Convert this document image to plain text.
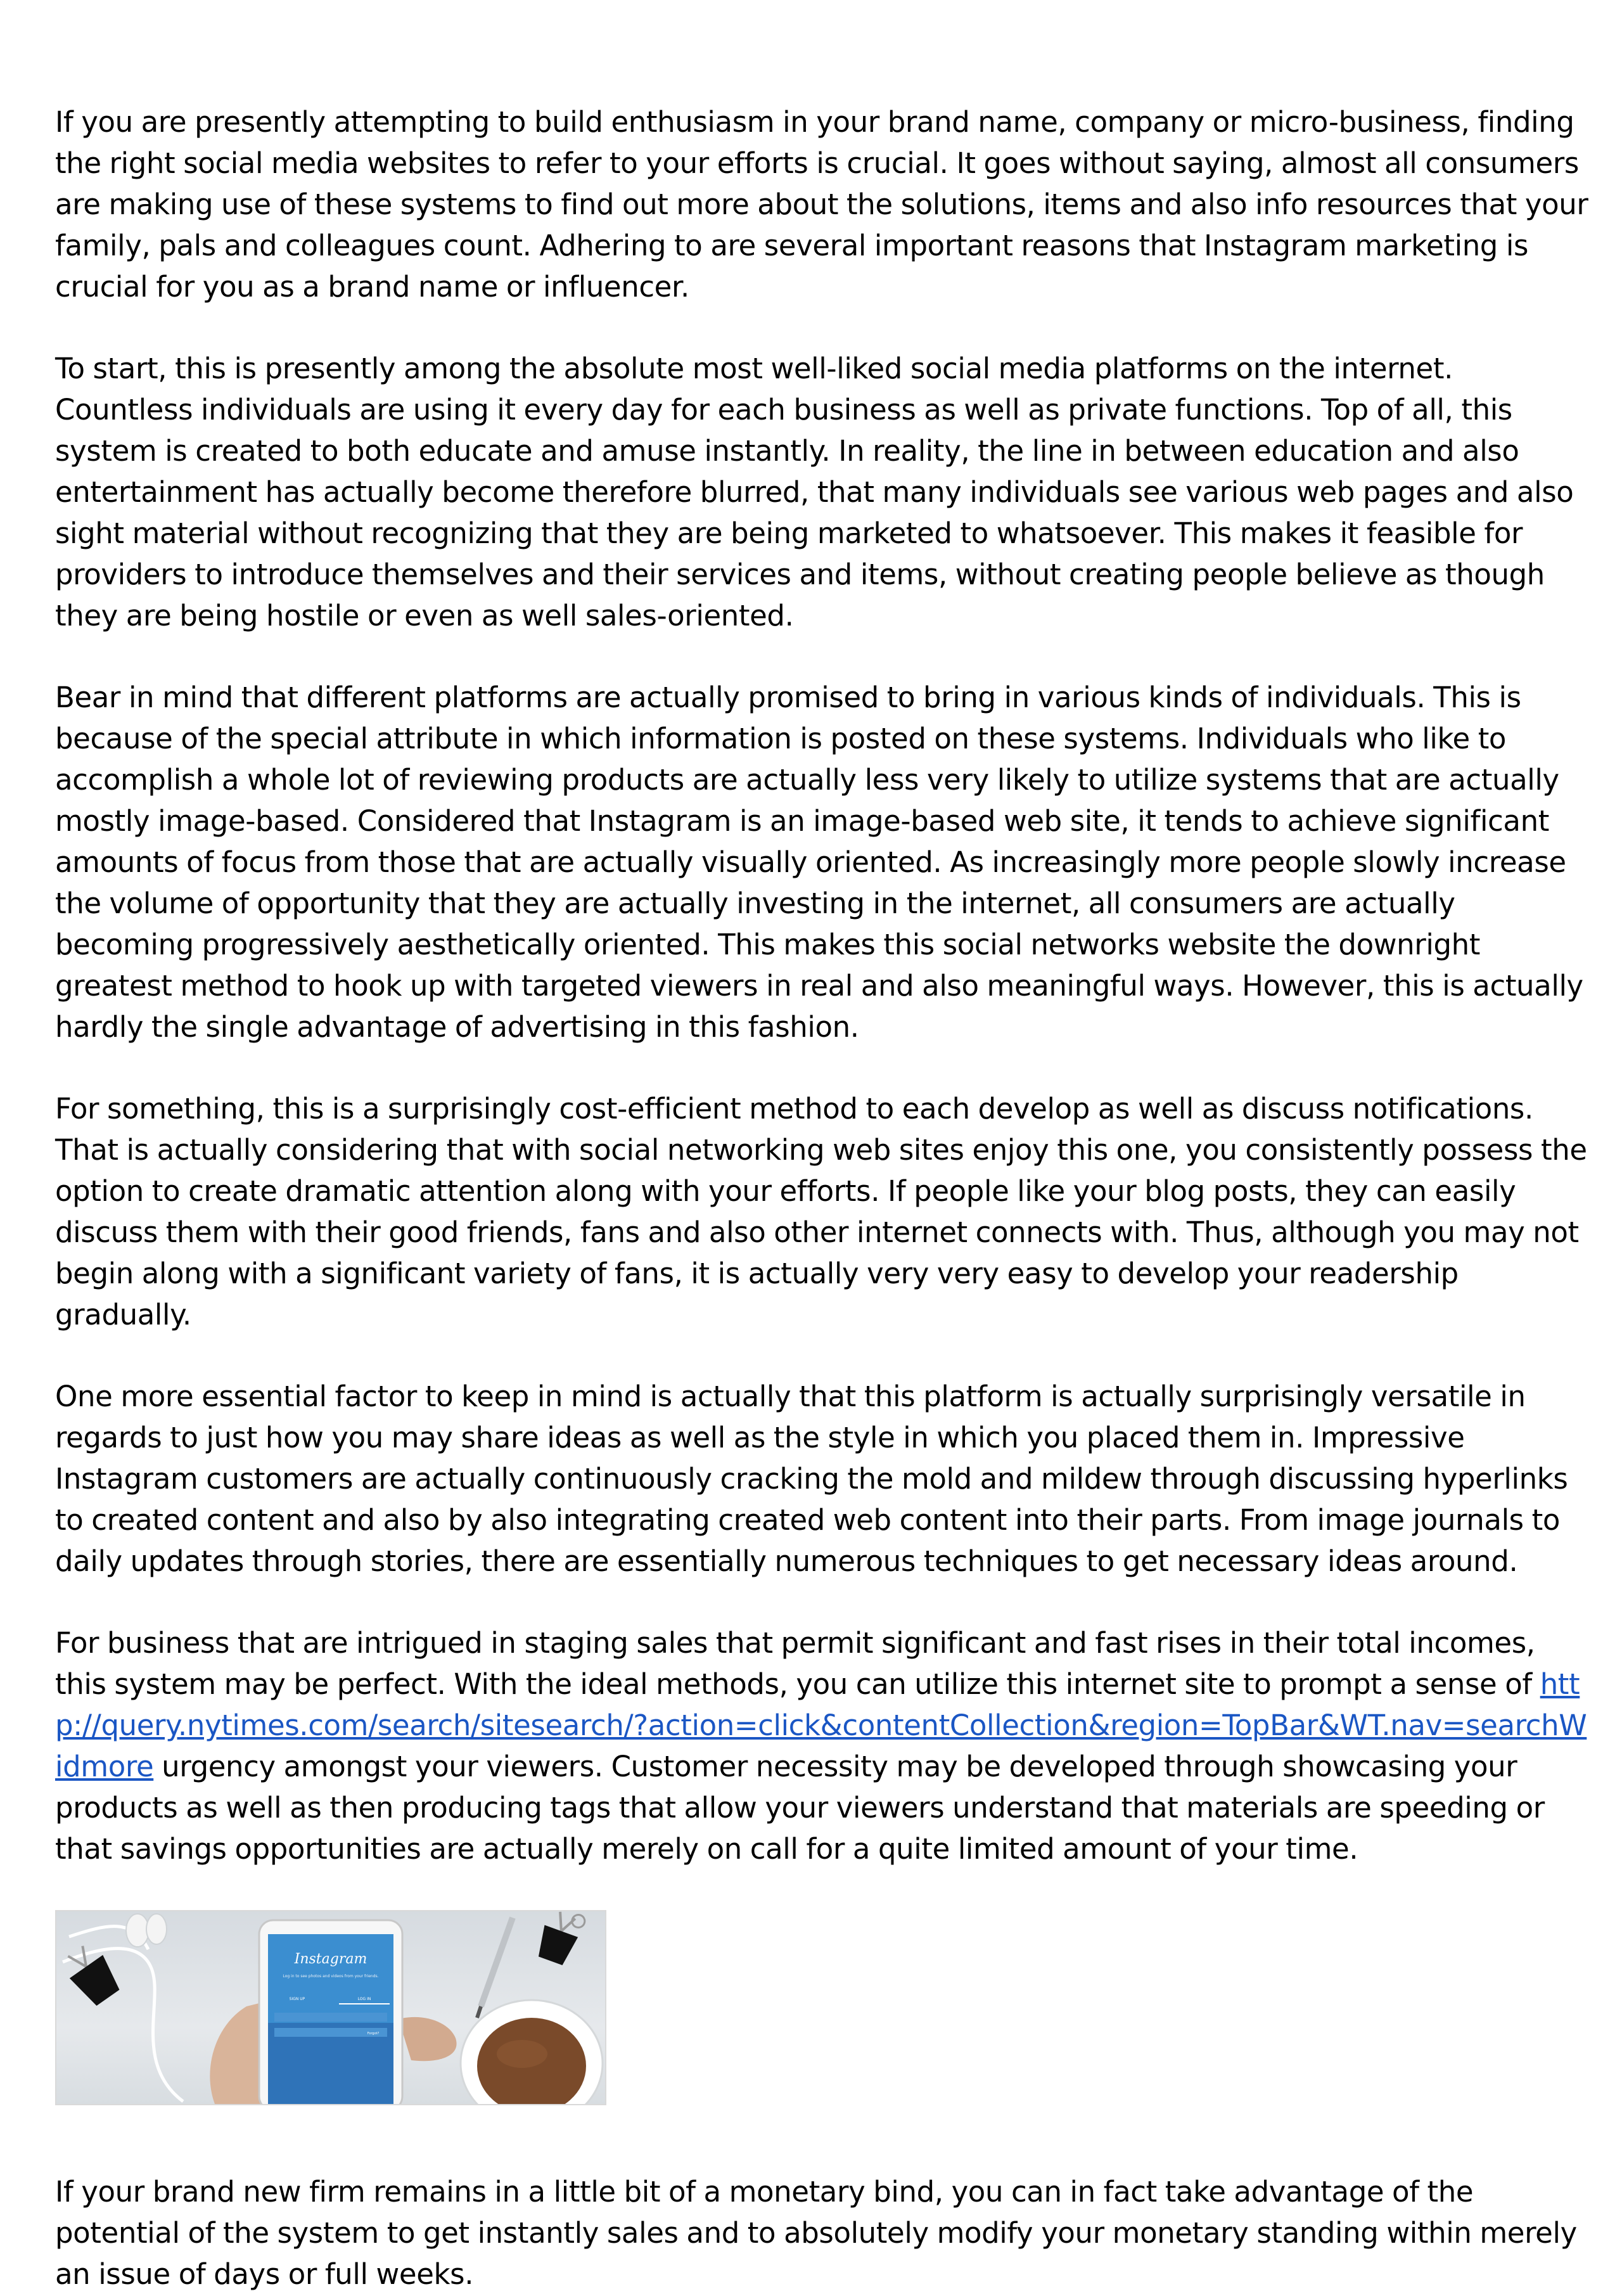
If you are presently attempting to build enthusiasm in your brand name, company or micro-business, finding the right social media websites to refer to your efforts is crucial. It goes without saying, almost all consumers are making use of these systems to find out more about the solutions, items and also info resources that your family, pals and colleagues count. Adhering to are several important reasons that Instagram marketing is crucial for you as a brand name or influencer.

To start, this is presently among the absolute most well-liked social media platforms on the internet. Countless individuals are using it every day for each business as well as private functions. Top of all, this system is created to both educate and amuse instantly. In reality, the line in between education and also entertainment has actually become therefore blurred, that many individuals see various web pages and also sight material without recognizing that they are being marketed to whatsoever. This makes it feasible for providers to introduce themselves and their services and items, without creating people believe as though they are being hostile or even as well sales-oriented.

Bear in mind that different platforms are actually promised to bring in various kinds of individuals. This is because of the special attribute in which information is posted on these systems. Individuals who like to accomplish a whole lot of reviewing products are actually less very likely to utilize systems that are actually mostly image-based. Considered that Instagram is an image-based web site, it tends to achieve significant amounts of focus from those that are actually visually oriented. As increasingly more people slowly increase the volume of opportunity that they are actually investing in the internet, all consumers are actually becoming progressively aesthetically oriented. This makes this social networks website the downright greatest method to hook up with targeted viewers in real and also meaningful ways. However, this is actually hardly the single advantage of advertising in this fashion.

For something, this is a surprisingly cost-efficient method to each develop as well as discuss notifications. That is actually considering that with social networking web sites enjoy this one, you consistently possess the option to create dramatic attention along with your efforts. If people like your blog posts, they can easily discuss them with their good friends, fans and also other internet connects with. Thus, although you may not begin along with a significant variety of fans, it is actually very very easy to develop your readership gradually.

One more essential factor to keep in mind is actually that this platform is actually surprisingly versatile in regards to just how you may share ideas as well as the style in which you placed them in. Impressive Instagram customers are actually continuously cracking the mold and mildew through discussing hyperlinks to created content and also by also integrating created web content into their parts. From image journals to daily updates through stories, there are essentially numerous techniques to get necessary ideas around.

For business that are intrigued in staging sales that permit significant and fast rises in their total incomes, this system may be perfect. With the ideal methods, you can utilize this internet site to prompt a sense of http://query.nytimes.com/search/sitesearch/?action=click&contentCollection&region=TopBar&WT.nav=searchWidmore urgency amongst your viewers. Customer necessity may be developed through showcasing your products as well as then producing tags that allow your viewers understand that materials are speeding or that savings opportunities are actually merely on call for a quite limited amount of your time.

Instagram
Log in to see photos and videos from your friends.
SIGN UP	LOG IN
Forgot?

If your brand new firm remains in a little bit of a monetary bind, you can in fact take advantage of the potential of the system to get instantly sales and to absolutely modify your monetary standing within merely an issue of days or full weeks.
